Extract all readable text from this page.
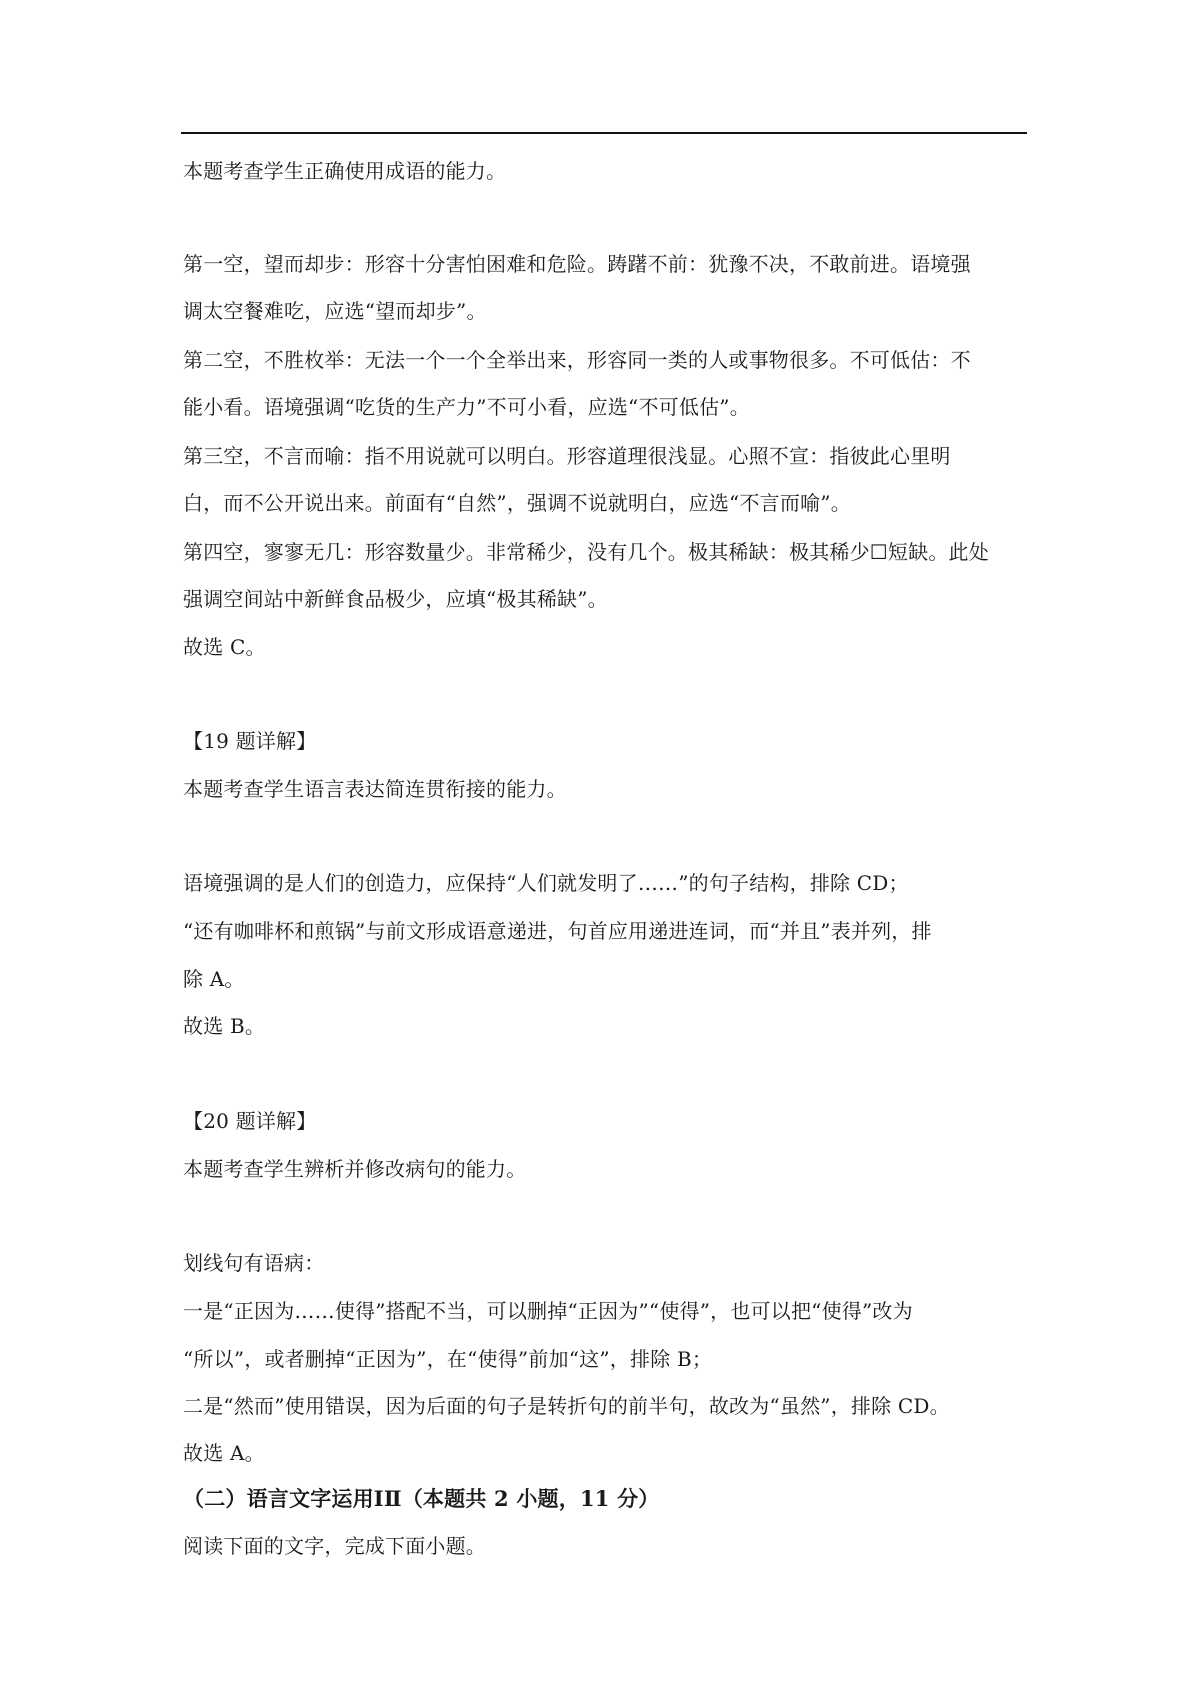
本题考查学生正确使用成语的能力。
第一空，望而却步：形容十分害怕困难和危险。踌躇不前：犹豫不决，不敢前进。语境强
调太空餐难吃，应选“望而却步”。
第二空，不胜枚举：无法一个一个全举出来，形容同一类的人或事物很多。不可低估：不
能小看。语境强调“吃货的生产力”不可小看，应选“不可低估”。
第三空，不言而喻：指不用说就可以明白。形容道理很浅显。心照不宣：指彼此心里明
白，而不公开说出来。前面有“自然”，强调不说就明白，应选“不言而喻”。
第四空，寥寥无几：形容数量少。非常稀少，没有几个。极其稀缺：极其稀少☐短缺。此处
强调空间站中新鲜食品极少，应填“极其稀缺”。
故选 C。
【19 题详解】
本题考查学生语言表达简连贯衔接的能力。
语境强调的是人们的创造力，应保持“人们就发明了……”的句子结构，排除 CD；
“还有咖啡杯和煎锅”与前文形成语意递进，句首应用递进连词，而“并且”表并列，排
除 A。
故选 B。
【20 题详解】
本题考查学生辨析并修改病句的能力。
划线句有语病：
一是“正因为……使得”搭配不当，可以删掉“正因为”“使得”，也可以把“使得”改为
“所以”，或者删掉“正因为”，在“使得”前加“这”，排除 B；
二是“然而”使用错误，因为后面的句子是转折句的前半句，故改为“虽然”，排除 CD。
故选 A。
（二）语言文字运用ⅠⅡ（本题共 2 小题，11 分）
阅读下面的文字，完成下面小题。
